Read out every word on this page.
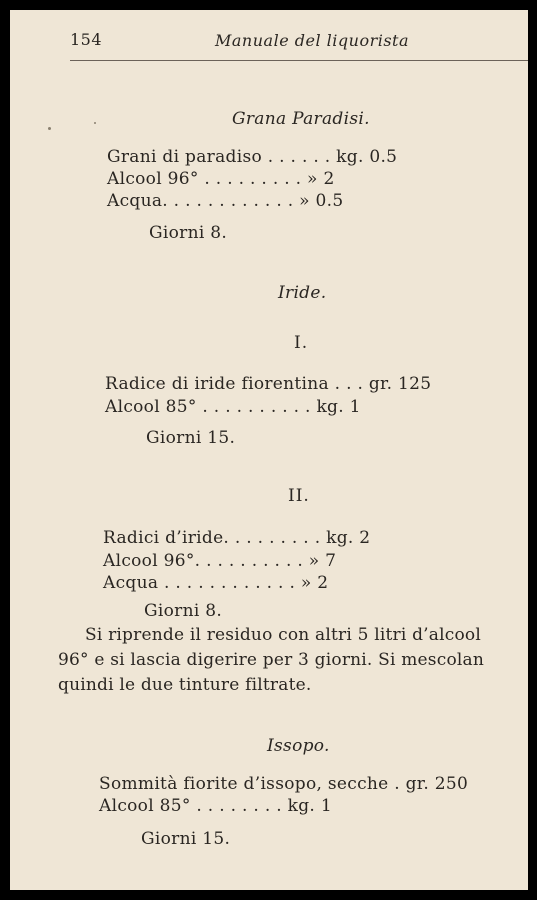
154	Manuale del liquorista
Grana Paradisi.
Grani di paradiso . . . . . . kg. 0.5
Alcool 96° . . . . . . . . . » 2
Acqua. . . . . . . . . . . . » 0.5
Giorni 8.
Iride.
I.
Radice di iride fiorentina . . . gr. 125
Alcool 85° . . . . . . . . . . kg. 1
Giorni 15.
II.
Radici d’iride. . . . . . . . . kg. 2
Alcool 96°. . . . . . . . . . » 7
Acqua . . . . . . . . . . . . » 2
Giorni 8.
Si riprende il residuo con altri 5 litri d’alcool
96° e si lascia digerire per 3 giorni. Si mescolan
quindi le due tinture filtrate.
Issopo.
Sommità fiorite d’issopo, secche . gr. 250
Alcool 85° . . . . . . . . kg. 1
Giorni 15.
